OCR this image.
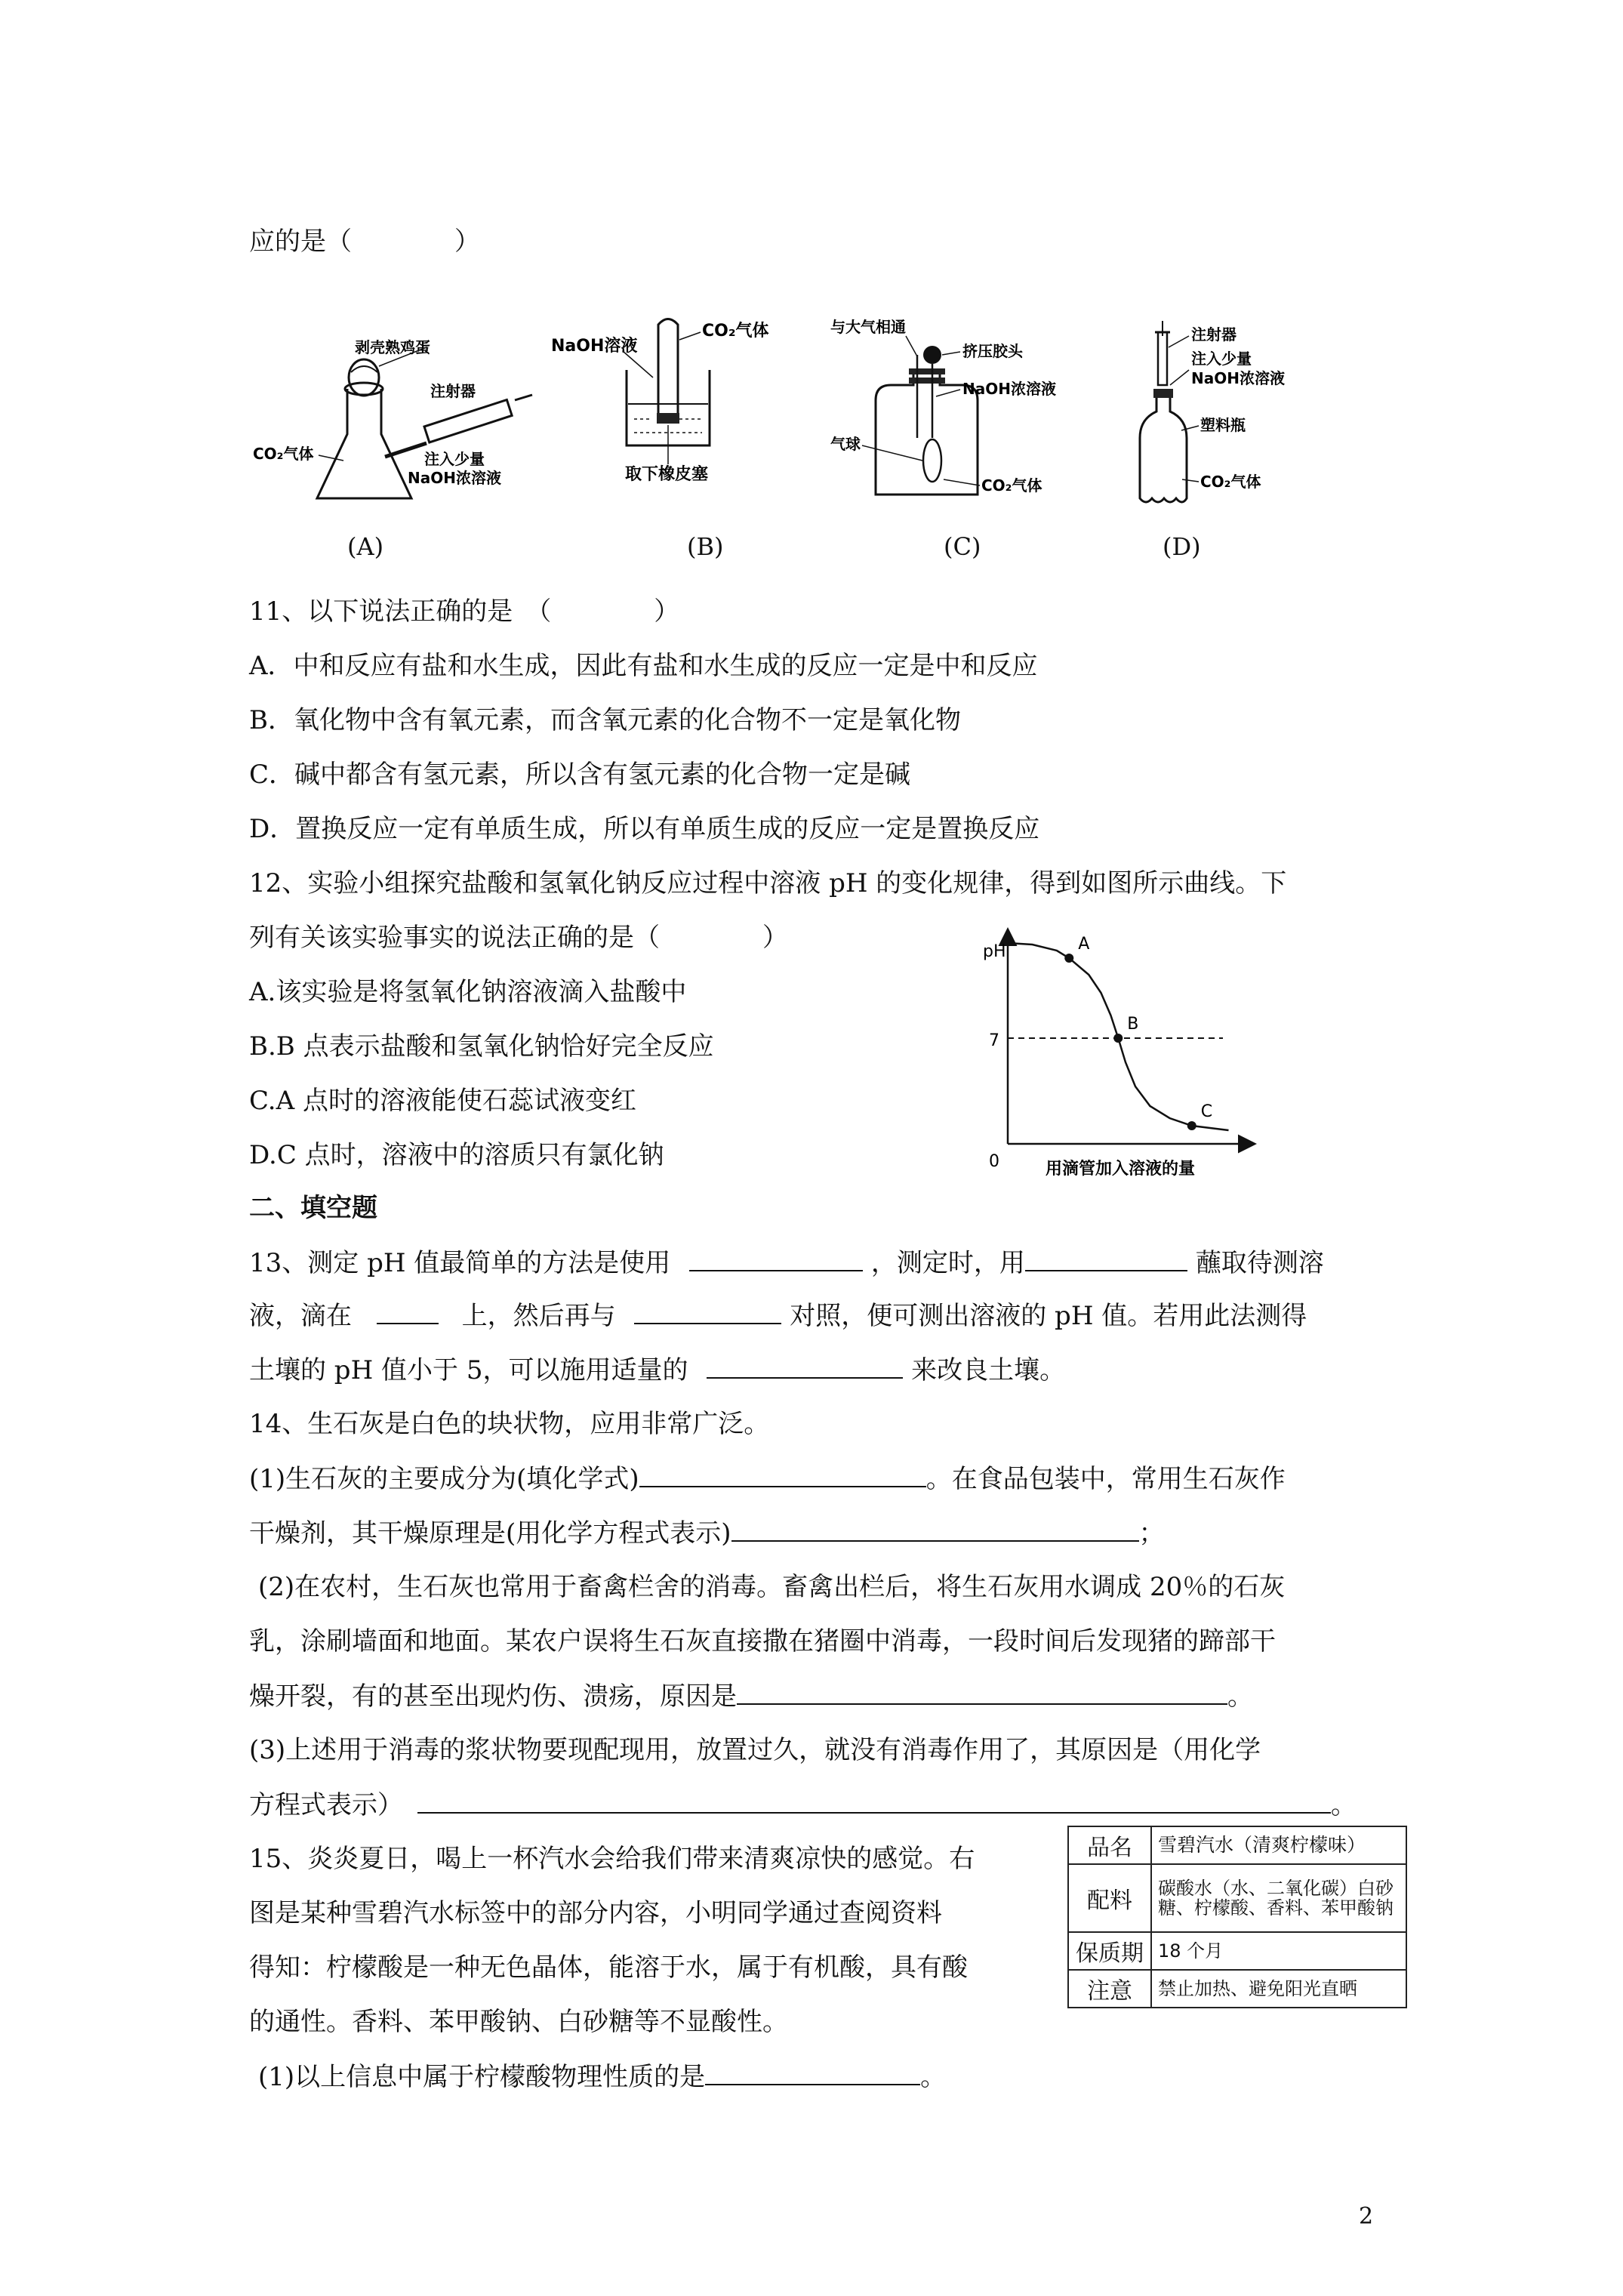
应的是（　　　　）
剥壳熟鸡蛋
注射器
CO₂气体	注入少量
NaOH浓溶液
(A)
NaOH溶液
CO₂气体
取下橡皮塞
(B)
与大气相通
挤压胶头
NaOH浓溶液
气球
CO₂气体
(C)
注射器
注入少量
NaOH浓溶液
塑料瓶
CO₂气体
(D)
11、以下说法正确的是　（　　　　）
A．中和反应有盐和水生成，因此有盐和水生成的反应一定是中和反应
B．氧化物中含有氧元素，而含氧元素的化合物不一定是氧化物
C．碱中都含有氢元素，所以含有氢元素的化合物一定是碱
D．置换反应一定有单质生成，所以有单质生成的反应一定是置换反应
12、实验小组探究盐酸和氢氧化钠反应过程中溶液 pH 的变化规律，得到如图所示曲线。下
列有关该实验事实的说法正确的是（　　　　）
A.该实验是将氢氧化钠溶液滴入盐酸中
B.B 点表示盐酸和氢氧化钠恰好完全反应
C.A 点时的溶液能使石蕊试液变红
D.C 点时，溶液中的溶质只有氯化钠
pH
0
7
A
B
C
用滴管加入溶液的量
二、填空题
13、测定 pH 值最简单的方法是使用	，测定时，用	蘸取待测溶
液，滴在	上，然后再与	对照，便可测出溶液的 pH 值。若用此法测得
土壤的 pH 值小于 5，可以施用适量的	来改良土壤。
14、生石灰是白色的块状物，应用非常广泛。
(1)生石灰的主要成分为(填化学式)	。在食品包装中，常用生石灰作
干燥剂，其干燥原理是(用化学方程式表示)	；
(2)在农村，生石灰也常用于畜禽栏舍的消毒。畜禽出栏后，将生石灰用水调成 20％的石灰
乳，涂刷墙面和地面。某农户误将生石灰直接撒在猪圈中消毒，一段时间后发现猪的蹄部干
燥开裂，有的甚至出现灼伤、溃疡，原因是	。
(3)上述用于消毒的浆状物要现配现用，放置过久，就没有消毒作用了，其原因是（用化学
方程式表示）	。
15、炎炎夏日，喝上一杯汽水会给我们带来清爽凉快的感觉。右
图是某种雪碧汽水标签中的部分内容，小明同学通过查阅资料
得知：柠檬酸是一种无色晶体，能溶于水，属于有机酸，具有酸
的通性。香料、苯甲酸钠、白砂糖等不显酸性。
(1)以上信息中属于柠檬酸物理性质的是	。
品名	雪碧汽水（清爽柠檬味）
配料	碳酸水（水、二氧化碳）白砂糖、柠檬酸、香料、苯甲酸钠
保质期	18 个月
注意	禁止加热、避免阳光直晒
2
